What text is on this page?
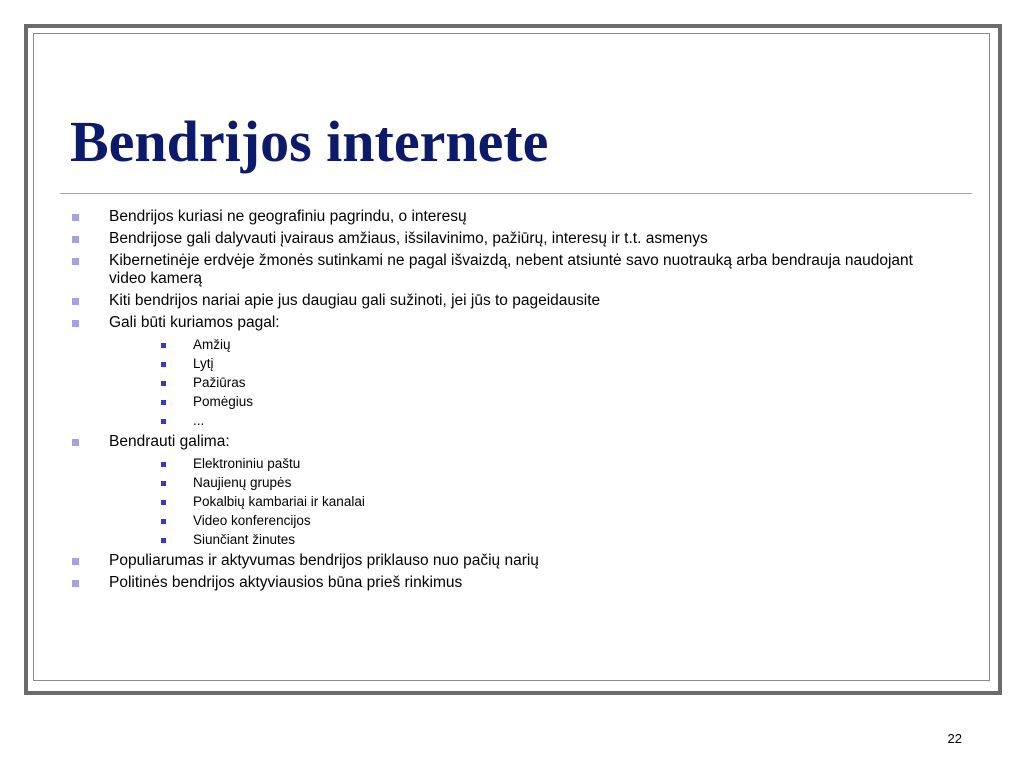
Bendrijos internete
Bendrijos kuriasi ne geografiniu pagrindu, o interesų
Bendrijose gali dalyvauti įvairaus amžiaus, išsilavinimo, pažiūrų, interesų ir t.t. asmenys
Kibernetinėje erdvėje žmonės sutinkami ne pagal išvaizdą, nebent atsiuntė savo nuotrauką arba bendrauja naudojant video kamerą
Kiti bendrijos nariai apie jus daugiau gali sužinoti, jei jūs to pageidausite
Gali būti kuriamos pagal:
Amžių
Lytį
Pažiūras
Pomėgius
...
Bendrauti galima:
Elektroniniu paštu
Naujienų grupės
Pokalbių kambariai ir kanalai
Video konferencijos
Siunčiant žinutes
Populiarumas ir aktyvumas bendrijos priklauso nuo pačių narių
Politinės bendrijos aktyviausios būna prieš rinkimus
22
